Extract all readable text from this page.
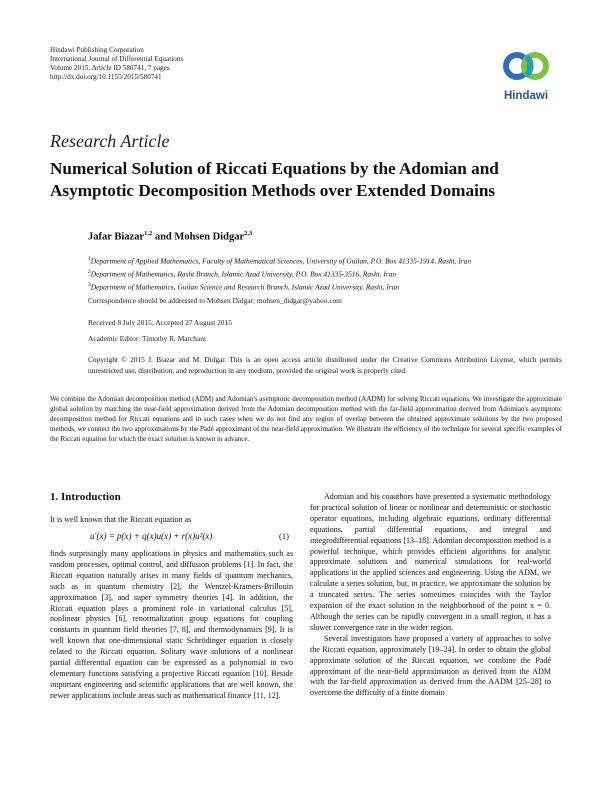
Hindawi Publishing Corporation
International Journal of Differential Equations
Volume 2015, Article ID 580741, 7 pages
http://dx.doi.org/10.1155/2015/580741
Hindawi
Research Article
Numerical Solution of Riccati Equations by the Adomian and Asymptotic Decomposition Methods over Extended Domains
Jafar Biazar$^{1,2}$ and Mohsen Didgar$^{2,3}$
$^1$Department of Applied Mathematics, Faculty of Mathematical Sciences, University of Guilan, P.O. Box 41335-1914, Rasht, Iran
$^2$Department of Mathematics, Rasht Branch, Islamic Azad University, P.O. Box 41335-3516, Rasht, Iran
$^3$Department of Mathematics, Guilan Science and Research Branch, Islamic Azad University, Rasht, Iran
Correspondence should be addressed to Mohsen Didgar; mohsen_didgar@yahoo.com
Received 8 July 2015; Accepted 27 August 2015
Academic Editor: Timothy R. Marchant
Copyright © 2015 J. Biazar and M. Didgar. This is an open access article distributed under the Creative Commons Attribution License, which permits unrestricted use, distribution, and reproduction in any medium, provided the original work is properly cited.
We combine the Adomian decomposition method (ADM) and Adomian's asymptotic decomposition method (AADM) for solving Riccati equations. We investigate the approximate global solution by matching the near-field approximation derived from the Adomian decomposition method with the far-field approximation derived from Adomian's asymptotic decomposition method for Riccati equations and in such cases when we do not find any region of overlap between the obtained approximate solutions by the two proposed methods, we connect the two approximations by the Padé approximant of the near-field approximation. We illustrate the efficiency of the technique for several specific examples of the Riccati equation for which the exact solution is known in advance.
1. Introduction

It is well known that the Riccati equation as

u′(x) = p(x) + q(x)u(x) + r(x)u²(x)	(1)

finds surprisingly many applications in physics and mathematics such as random processes, optimal control, and diffusion problems [1]. In fact, the Riccati equation naturally arises in many fields of quantum mechanics, such as in quantum chemistry [2], the Wentzel-Kramers-Brillouin approximation [3], and super symmetry theories [4]. In addition, the Riccati equation plays a prominent role in variational calculus [5], nonlinear physics [6], renormalization group equations for coupling constants in quantum field theories [7, 8], and thermodynamics [9]. It is well known that one-dimensional static Schrödinger equation is closely related to the Riccati equation. Solitary wave solutions of a nonlinear partial differential equation can be expressed as a polynomial in two elementary functions satisfying a projective Riccati equation [10]. Beside important engineering and scientific applications that are well known, the newer applications include areas such as mathematical finance [11, 12].

Adomian and his coauthors have presented a systematic methodology for practical solution of linear or nonlinear and deterministic or stochastic operator equations, including algebraic equations, ordinary differential equations, partial differential equations, and integral and integrodifferential equations [13–18]. Adomian decomposition method is a powerful technique, which provides efficient algorithms for analytic approximate solutions and numerical simulations for real-world applications in the applied sciences and engineering. Using the ADM, we calculate a series solution, but, in practice, we approximate the solution by a truncated series. The series sometimes coincides with the Taylor expansion of the exact solution in the neighborhood of the point x = 0. Although the series can be rapidly convergent in a small region, it has a slower convergence rate in the wider region.

Several investigators have proposed a variety of approaches to solve the Riccati equation, approximately [19–24]. In order to obtain the global approximate solution of the Riccati equation, we combine the Padé approximant of the near-field approximation as derived from the ADM with the far-field approximation as derived from the AADM [25–28] to overcome the difficulty of a finite domain
